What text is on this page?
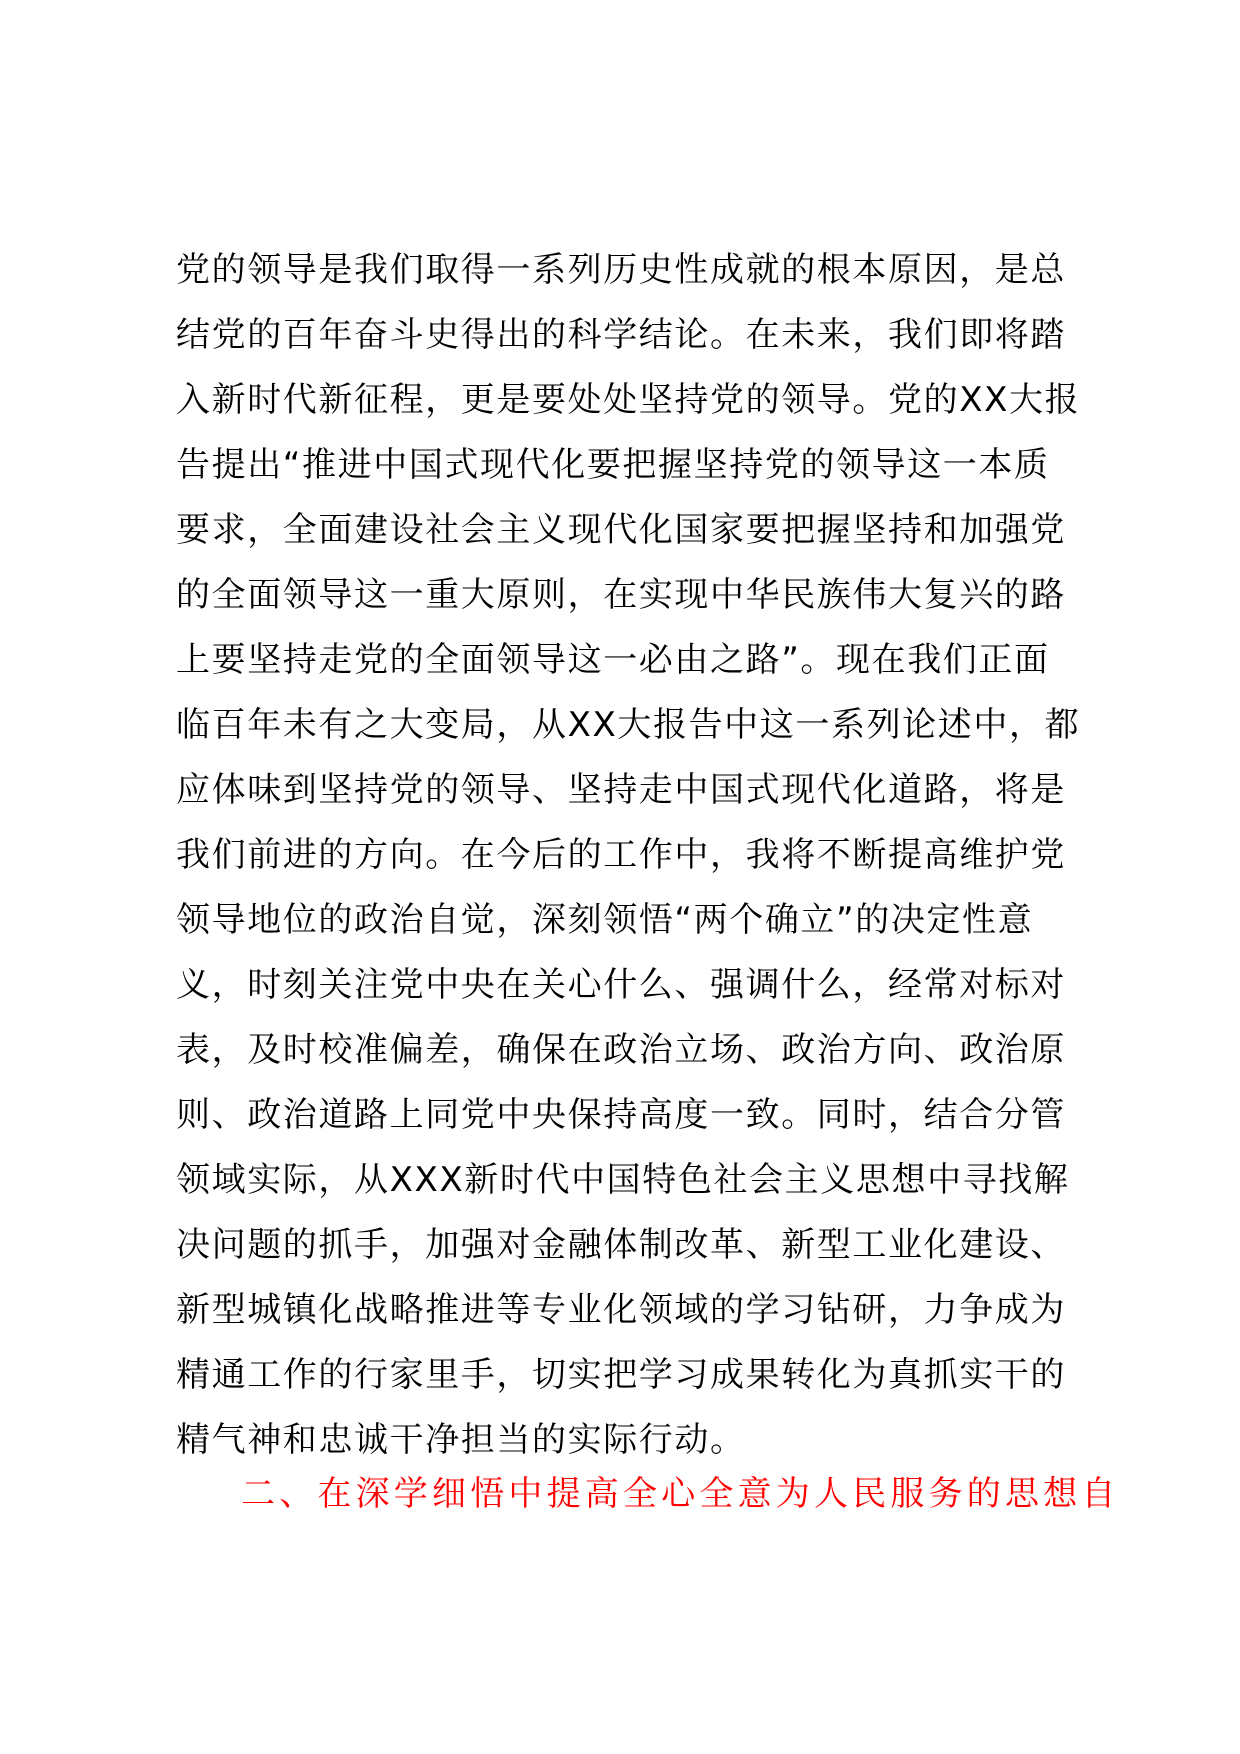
党的领导是我们取得一系列历史性成就的根本原因，是总
结党的百年奋斗史得出的科学结论。在未来，我们即将踏
入新时代新征程，更是要处处坚持党的领导。党的XX大报
告提出“推进中国式现代化要把握坚持党的领导这一本质
要求，全面建设社会主义现代化国家要把握坚持和加强党
的全面领导这一重大原则，在实现中华民族伟大复兴的路
上要坚持走党的全面领导这一必由之路”。现在我们正面
临百年未有之大变局，从XX大报告中这一系列论述中，都
应体味到坚持党的领导、坚持走中国式现代化道路，将是
我们前进的方向。在今后的工作中，我将不断提高维护党
领导地位的政治自觉，深刻领悟“两个确立”的决定性意
义，时刻关注党中央在关心什么、强调什么，经常对标对
表，及时校准偏差，确保在政治立场、政治方向、政治原
则、政治道路上同党中央保持高度一致。同时，结合分管
领域实际，从XXX新时代中国特色社会主义思想中寻找解
决问题的抓手，加强对金融体制改革、新型工业化建设、
新型城镇化战略推进等专业化领域的学习钻研，力争成为
精通工作的行家里手，切实把学习成果转化为真抓实干的
精气神和忠诚干净担当的实际行动。
二、在深学细悟中提高全心全意为人民服务的思想自
